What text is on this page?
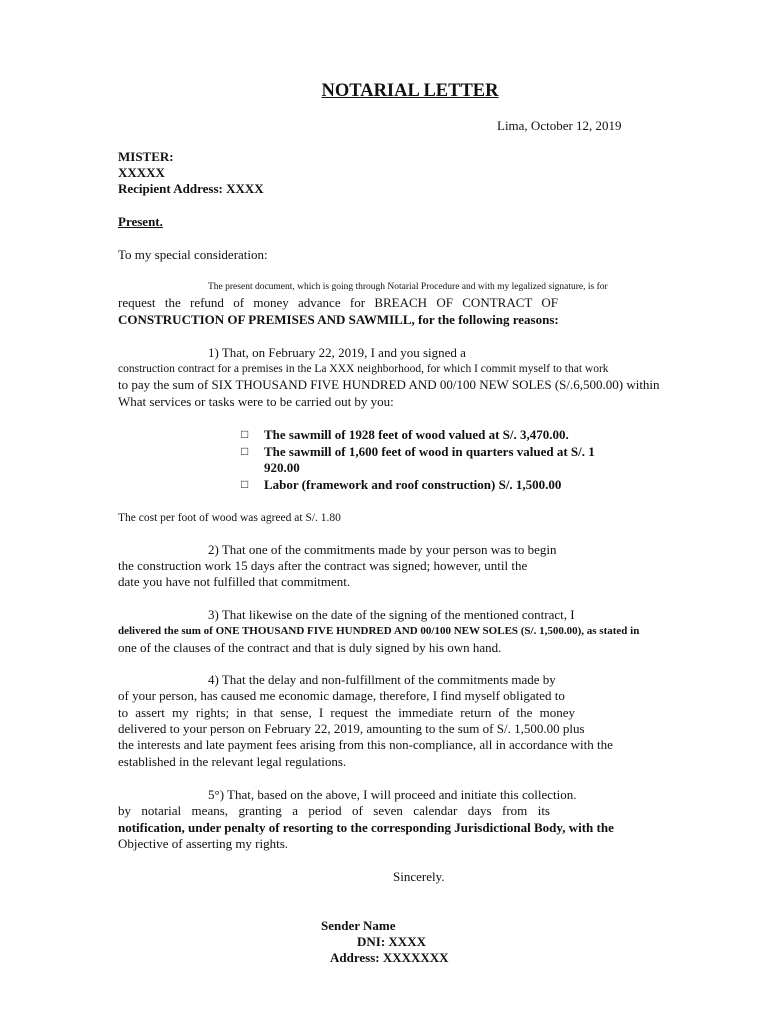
NOTARIAL LETTER
Lima, October 12, 2019
MISTER:
XXXXX
Recipient Address: XXXX
Present.
To my special consideration:
The present document, which is going through Notarial Procedure and with my legalized signature, is for
request the refund of money advance for BREACH OF CONTRACT OF
CONSTRUCTION OF PREMISES AND SAWMILL, for the following reasons:
1) That, on February 22, 2019, I and you signed a
construction contract for a premises in the La XXX neighborhood, for which I commit myself to that work
to pay the sum of SIX THOUSAND FIVE HUNDRED AND 00/100 NEW SOLES (S/.6,500.00) within
What services or tasks were to be carried out by you:
□ The sawmill of 1928 feet of wood valued at S/. 3,470.00.
□ The sawmill of 1,600 feet of wood in quarters valued at S/. 1
920.00
□ Labor (framework and roof construction) S/. 1,500.00
The cost per foot of wood was agreed at S/. 1.80
2) That one of the commitments made by your person was to begin
the construction work 15 days after the contract was signed; however, until the
date you have not fulfilled that commitment.
3) That likewise on the date of the signing of the mentioned contract, I
delivered the sum of ONE THOUSAND FIVE HUNDRED AND 00/100 NEW SOLES (S/. 1,500.00), as stated in
one of the clauses of the contract and that is duly signed by his own hand.
4) That the delay and non-fulfillment of the commitments made by
of your person, has caused me economic damage, therefore, I find myself obligated to
to assert my rights; in that sense, I request the immediate return of the money
delivered to your person on February 22, 2019, amounting to the sum of S/. 1,500.00 plus
the interests and late payment fees arising from this non-compliance, all in accordance with the
established in the relevant legal regulations.
5°) That, based on the above, I will proceed and initiate this collection.
by notarial means, granting a period of seven calendar days from its
notification, under penalty of resorting to the corresponding Jurisdictional Body, with the
Objective of asserting my rights.
Sincerely.
Sender Name
DNI: XXXX
Address: XXXXXXX
